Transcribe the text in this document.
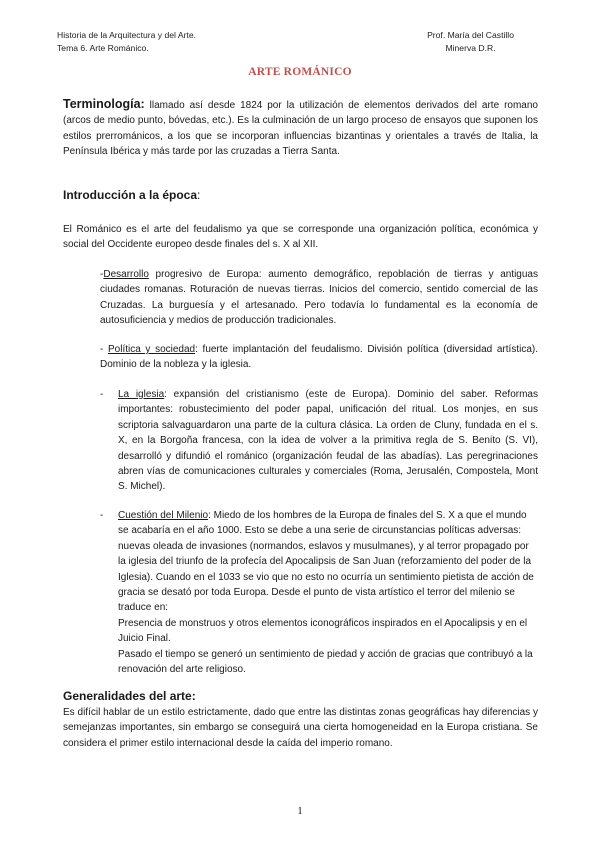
Historia de la Arquitectura y del Arte.
Tema 6. Arte Románico.
Prof. María del Castillo
Minerva D.R.
ARTE ROMÁNICO

Terminología: llamado así desde 1824 por la utilización de elementos derivados del arte romano (arcos de medio punto, bóvedas, etc.). Es la culminación de un largo proceso de ensayos que suponen los estilos prerrománicos, a los que se incorporan influencias bizantinas y orientales a través de Italia, la Península Ibérica y más tarde por las cruzadas a Tierra Santa.

Introducción a la época:

El Románico es el arte del feudalismo ya que se corresponde una organización política, económica y social del Occidente europeo desde finales del s. X al XII.

-Desarrollo progresivo de Europa: aumento demográfico, repoblación de tierras y antiguas ciudades romanas. Roturación de nuevas tierras. Inicios del comercio, sentido comercial de las Cruzadas. La burguesía y el artesanado. Pero todavía lo fundamental es la economía de autosuficiencia y medios de producción tradicionales.

- Política y sociedad: fuerte implantación del feudalismo. División política (diversidad artística). Dominio de la nobleza y la iglesia.

- La iglesia: expansión del cristianismo (este de Europa). Dominio del saber. Reformas importantes: robustecimiento del poder papal, unificación del ritual. Los monjes, en sus scriptoria salvaguardaron una parte de la cultura clásica. La orden de Cluny, fundada en el s. X, en la Borgoña francesa, con la idea de volver a la primitiva regla de S. Benito (S. VI), desarrolló y difundió el románico (organización feudal de las abadías). Las peregrinaciones abren vías de comunicaciones culturales y comerciales (Roma, Jerusalén, Compostela, Mont S. Michel).

- Cuestión del Milenio: Miedo de los hombres de la Europa de finales del S. X a que el mundo se acabaría en el año 1000. Esto se debe a una serie de circunstancias políticas adversas: nuevas oleada de invasiones (normandos, eslavos y musulmanes), y al terror propagado por la iglesia del triunfo de la profecía del Apocalipsis de San Juan (reforzamiento del poder de la Iglesia). Cuando en el 1033 se vio que no esto no ocurría un sentimiento pietista de acción de gracia se desató por toda Europa. Desde el punto de vista artístico el terror del milenio se traduce en:

Presencia de monstruos y otros elementos iconográficos inspirados en el Apocalipsis y en el Juicio Final.

Pasado el tiempo se generó un sentimiento de piedad y acción de gracias que contribuyó a la renovación del arte religioso.

Generalidades del arte:

Es difícil hablar de un estilo estrictamente, dado que entre las distintas zonas geográficas hay diferencias y semejanzas importantes, sin embargo se conseguirá una cierta homogeneidad en la Europa cristiana. Se considera el primer estilo internacional desde la caída del imperio romano.

1
